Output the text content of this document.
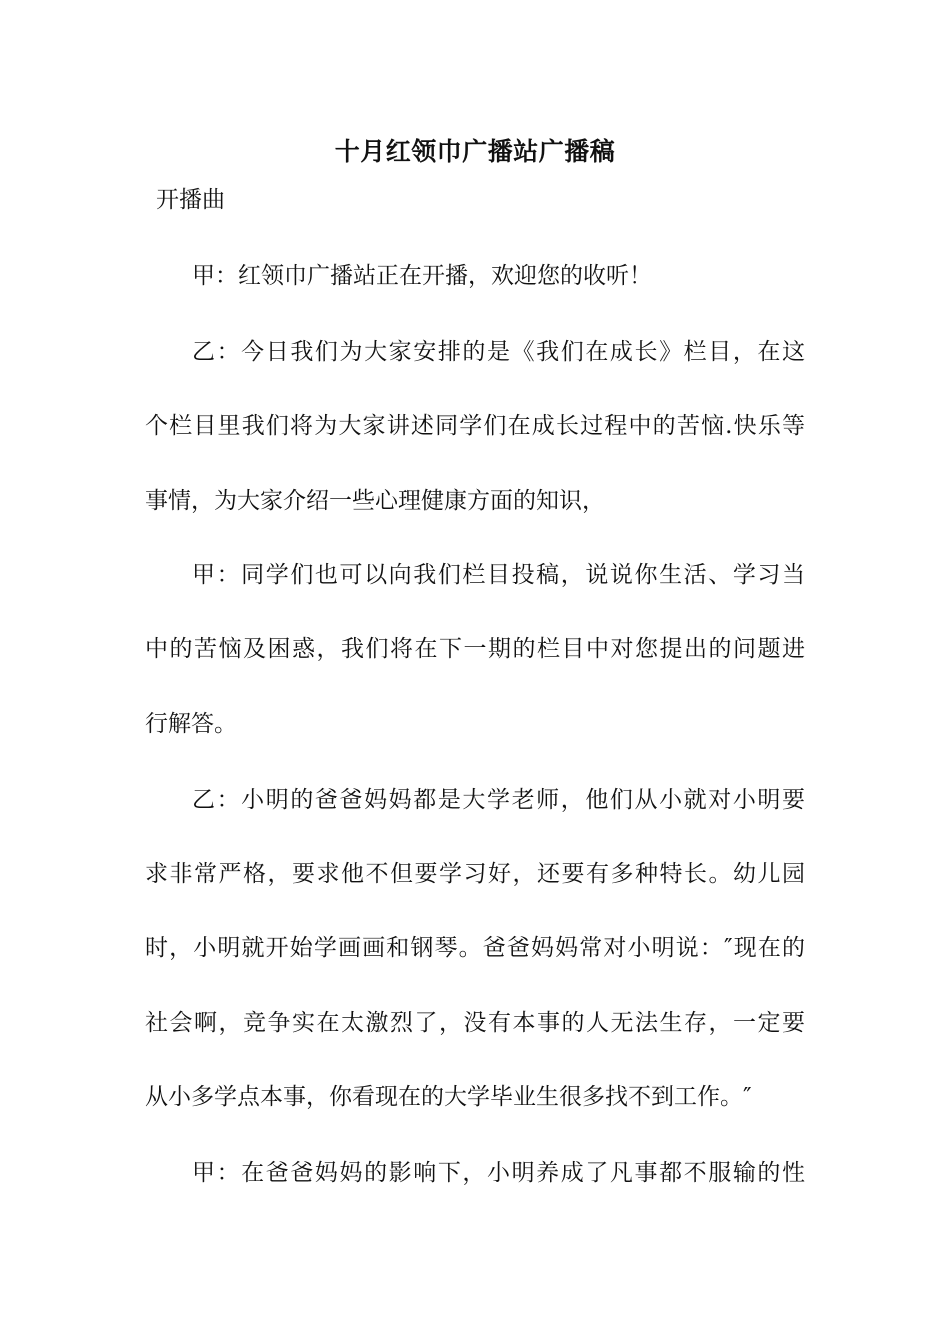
十月红领巾广播站广播稿
开播曲
甲：红领巾广播站正在开播，欢迎您的收听！
乙：今日我们为大家安排的是《我们在成长》栏目，在这
个栏目里我们将为大家讲述同学们在成长过程中的苦恼.快乐等
事情，为大家介绍一些心理健康方面的知识，
甲：同学们也可以向我们栏目投稿，说说你生活、学习当
中的苦恼及困惑，我们将在下一期的栏目中对您提出的问题进
行解答。
乙：小明的爸爸妈妈都是大学老师，他们从小就对小明要
求非常严格，要求他不但要学习好，还要有多种特长。幼儿园
时，小明就开始学画画和钢琴。爸爸妈妈常对小明说：″现在的
社会啊，竞争实在太激烈了，没有本事的人无法生存，一定要
从小多学点本事，你看现在的大学毕业生很多找不到工作。″
甲：在爸爸妈妈的影响下，小明养成了凡事都不服输的性
